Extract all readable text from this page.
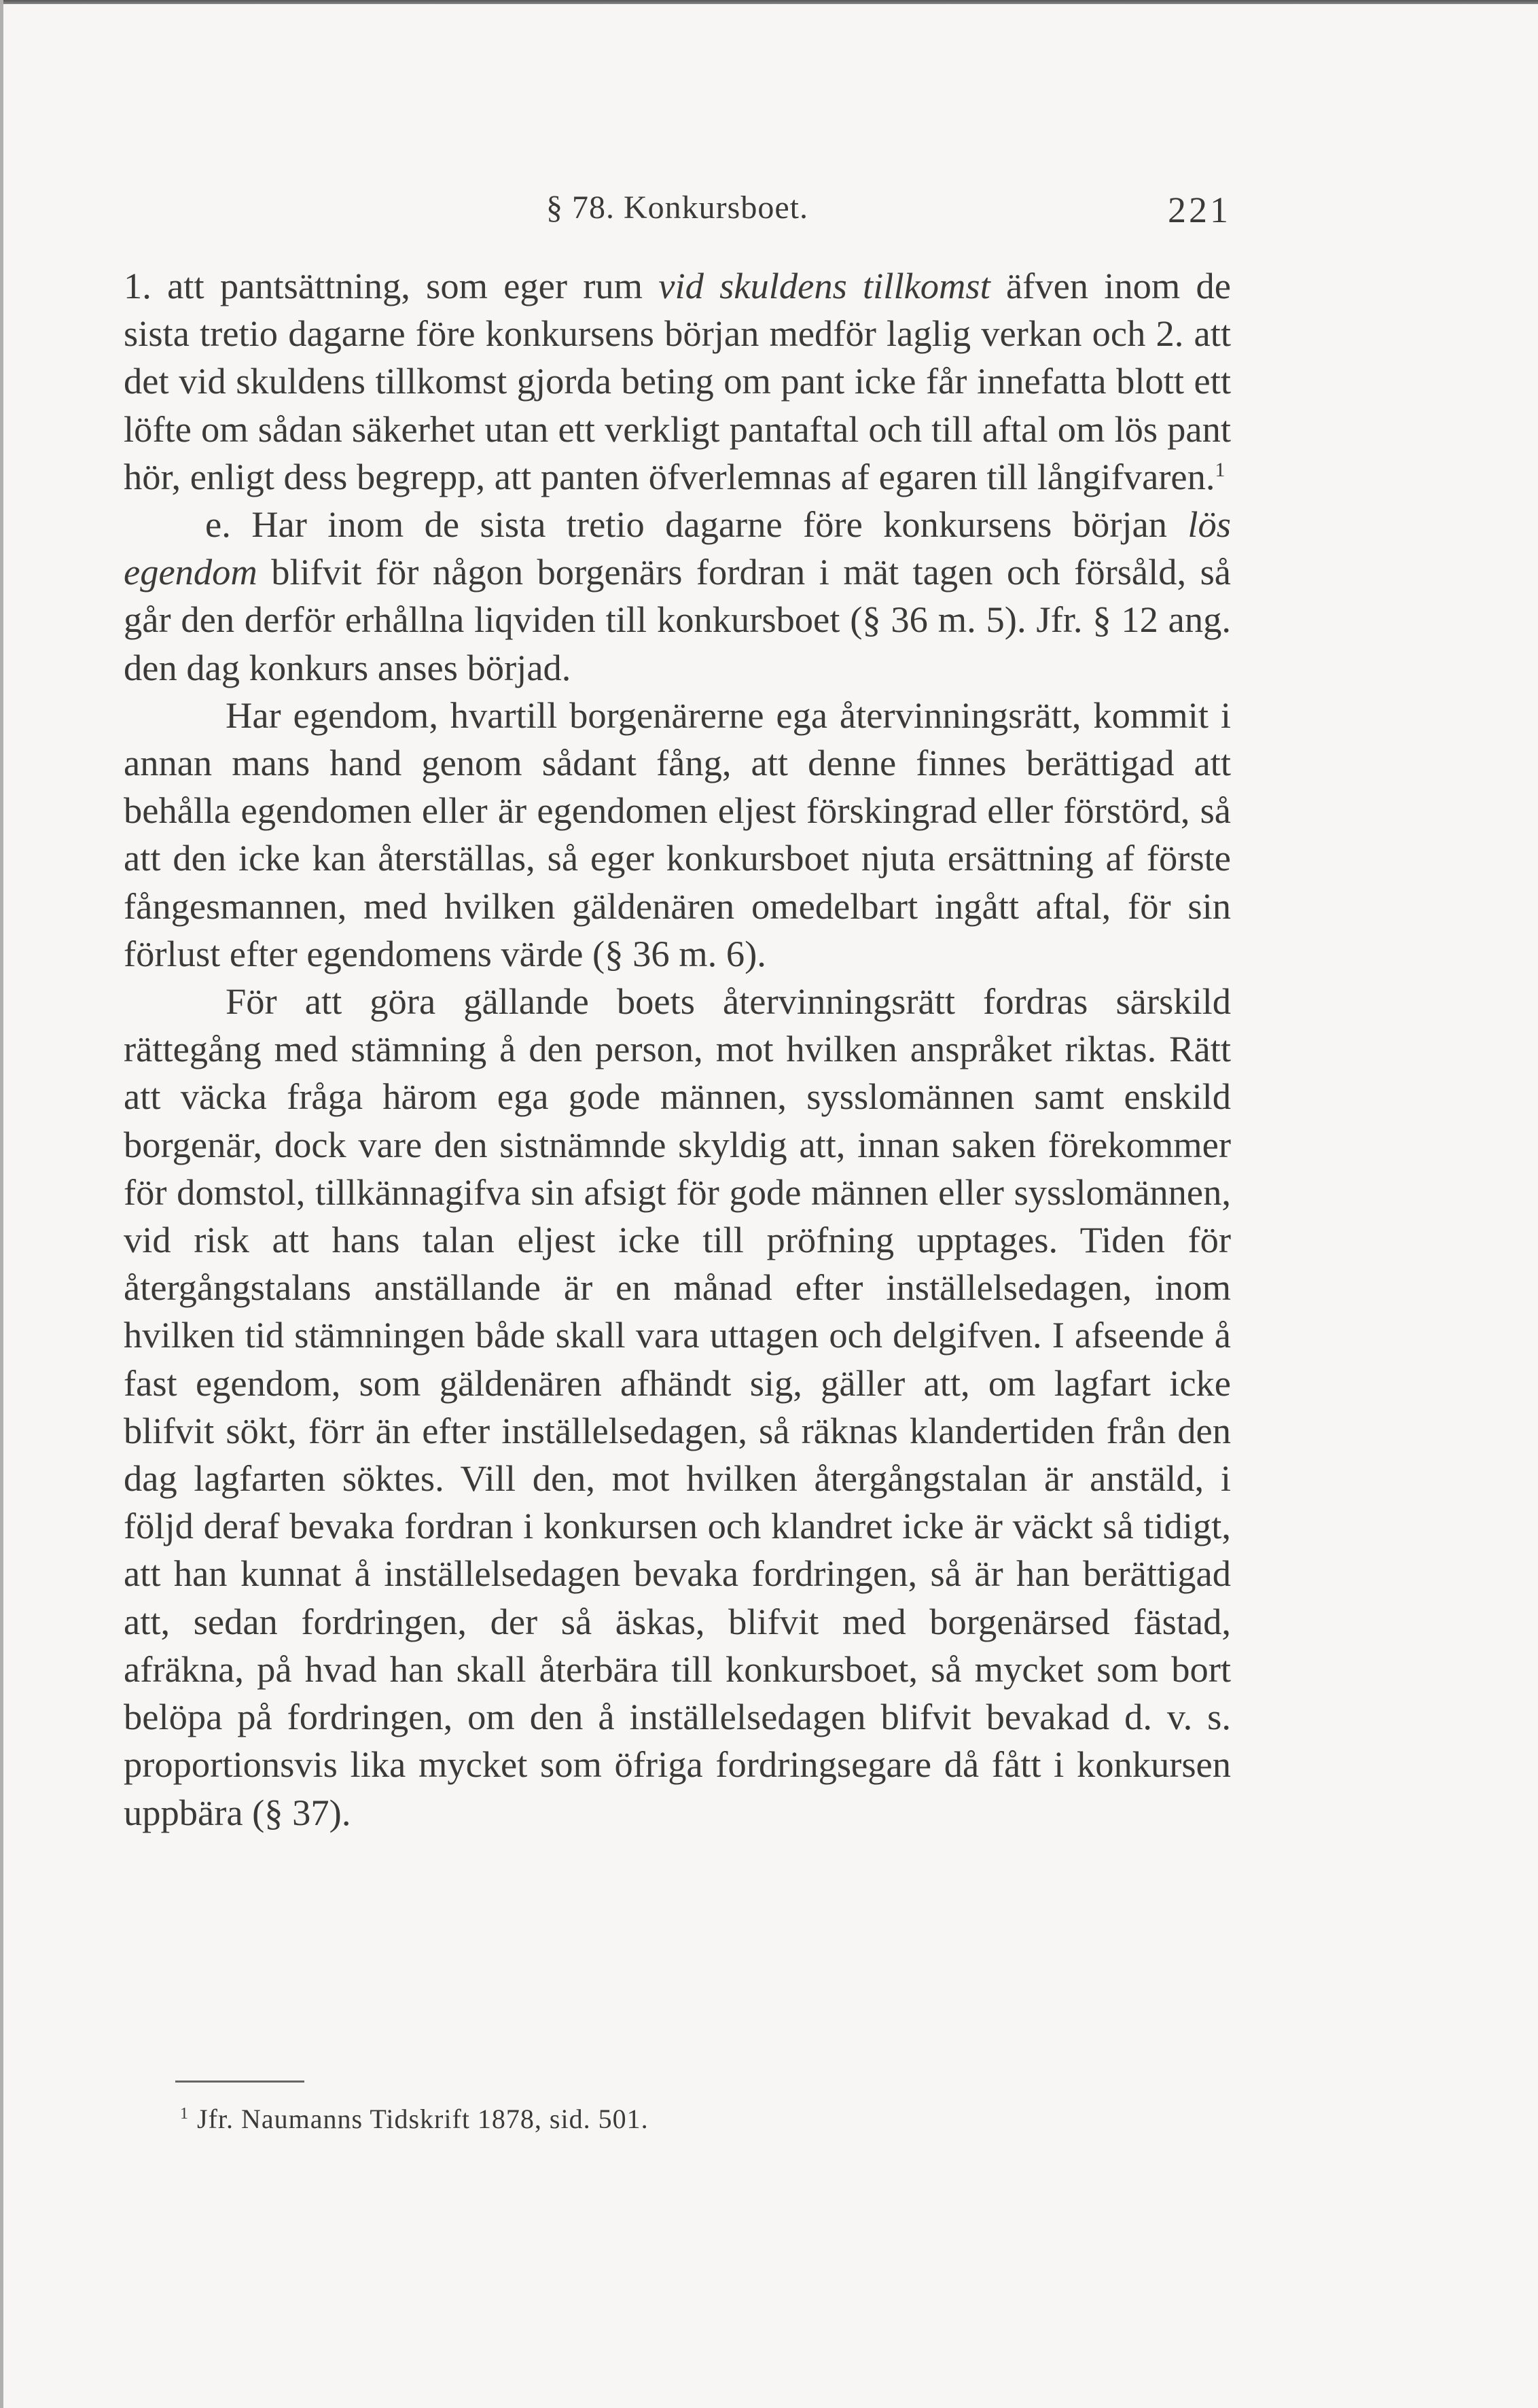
§ 78. Konkursboet.	221

1. att pantsättning, som eger rum vid skuldens tillkomst äfven inom de sista tretio dagarne före konkursens början medför laglig verkan och 2. att det vid skuldens tillkomst gjorda beting om pant icke får innefatta blott ett löfte om sådan säkerhet utan ett verkligt pantaftal och till aftal om lös pant hör, enligt dess begrepp, att panten öfverlemnas af egaren till långifvaren.$^1$

e. Har inom de sista tretio dagarne före konkursens början lös egendom blifvit för någon borgenärs fordran i mät tagen och försåld, så går den derför erhållna liqviden till konkursboet (§ 36 m. 5). Jfr. § 12 ang. den dag konkurs anses börjad.

Har egendom, hvartill borgenärerne ega återvinningsrätt, kommit i annan mans hand genom sådant fång, att denne finnes berättigad att behålla egendomen eller är egendomen eljest förskingrad eller förstörd, så att den icke kan återställas, så eger konkursboet njuta ersättning af förste fångesmannen, med hvilken gäldenären omedelbart ingått aftal, för sin förlust efter egendomens värde (§ 36 m. 6).

För att göra gällande boets återvinningsrätt fordras särskild rättegång med stämning å den person, mot hvilken anspråket riktas. Rätt att väcka fråga härom ega gode männen, sysslomännen samt enskild borgenär, dock vare den sistnämnde skyldig att, innan saken förekommer för domstol, tillkännagifva sin afsigt för gode männen eller sysslomännen, vid risk att hans talan eljest icke till pröfning upptages. Tiden för återgångstalans anställande är en månad efter inställelsedagen, inom hvilken tid stämningen både skall vara uttagen och delgifven. I afseende å fast egendom, som gäldenären afhändt sig, gäller att, om lagfart icke blifvit sökt, förr än efter inställelsedagen, så räknas klandertiden från den dag lagfarten söktes. Vill den, mot hvilken återgångstalan är anstäld, i följd deraf bevaka fordran i konkursen och klandret icke är väckt så tidigt, att han kunnat å inställelsedagen bevaka fordringen, så är han berättigad att, sedan fordringen, der så äskas, blifvit med borgenärsed fästad, afräkna, på hvad han skall återbära till konkursboet, så mycket som bort belöpa på fordringen, om den å inställelsedagen blifvit bevakad d. v. s. proportionsvis lika mycket som öfriga fordringsegare då fått i konkursen uppbära (§ 37).

$^1$ Jfr. Naumanns Tidskrift 1878, sid. 501.
